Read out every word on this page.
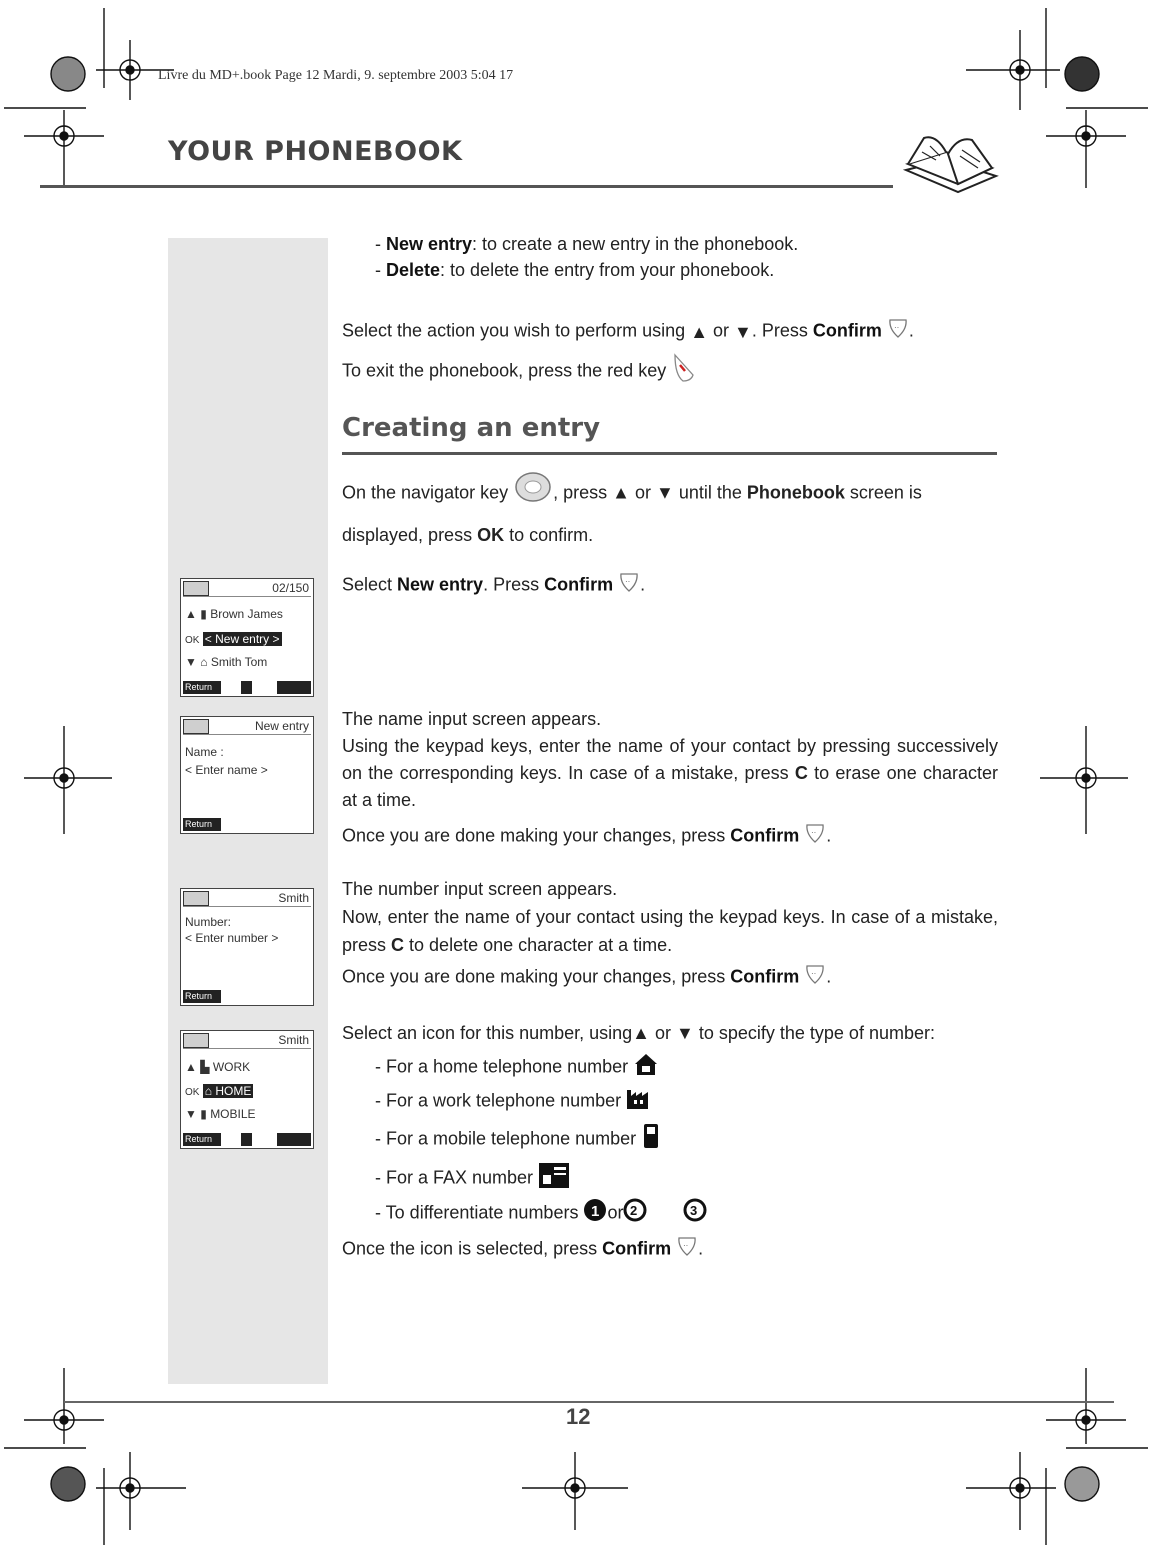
Livre du MD+.book Page 12 Mardi, 9. septembre 2003 5:04 17
YOUR PHONEBOOK
- New entry: to create a new entry in the phonebook.
- Delete: to delete the entry from your phonebook.
Select the action you wish to perform using ▲ or ▼. Press Confirm ·· .
To exit the phonebook, press the red key
Creating an entry
On the navigator key , press ▲ or ▼ until the Phonebook screen is
displayed, press OK to confirm.
Select New entry. Press Confirm ·· .
The name input screen appears.
Using the keypad keys, enter the name of your contact by pressing successively on the corresponding keys. In case of a mistake, press C to erase one character at a time.
Once you are done making your changes, press Confirm ·· .
The number input screen appears.
Now, enter the name of your contact using the keypad keys. In case of a mistake, press C to delete one character at a time.
Once you are done making your changes, press Confirm ·· .
Select an icon for this number, using▲ or ▼ to specify the type of number:
- For a home telephone number
- For a work telephone number
- For a mobile telephone number
- For a FAX number
- To differentiate numbers 1 or 2
	3
Once the icon is selected, press Confirm ·· .
02/150
▲ ▮ Brown James
OK < New entry >
▼ ⌂ Smith Tom
Return
New entry
Name :
< Enter name >
Return
Smith
Number:
< Enter number >
Return
Smith
▲ ▙ WORK
OK ⌂ HOME
▼ ▮ MOBILE
Return
12
